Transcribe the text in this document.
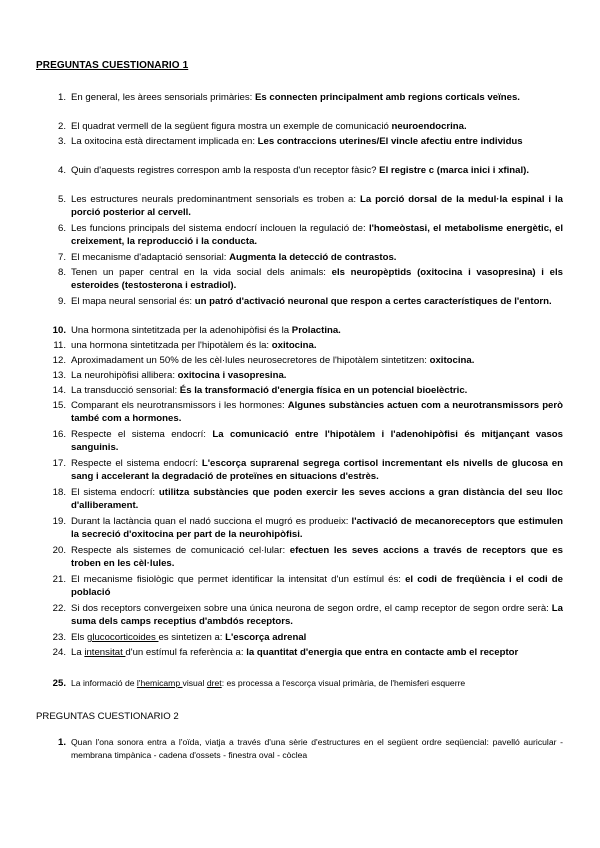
PREGUNTAS CUESTIONARIO 1
1. En general, les àrees sensorials primàries: Es connecten principalment amb regions corticals veïnes.
2. El quadrat vermell de la següent figura mostra un exemple de comunicació neuroendocrina.
3. La oxitocina està directament implicada en: Les contraccions uterines/El vincle afectiu entre individus
4. Quin d'aquests registres correspon amb la resposta d'un receptor fàsic? El registre c (marca inici i xfinal).
5. Les estructures neurals predominantment sensorials es troben a: La porció dorsal de la medul·la espinal i la porció posterior al cervell.
6. Les funcions principals del sistema endocrí inclouen la regulació de: l'homeòstasi, el metabolisme energètic, el creixement, la reproducció i la conducta.
7. El mecanisme d'adaptació sensorial: Augmenta la detecció de contrastos.
8. Tenen un paper central en la vida social dels animals: els neuropèptids (oxitocina i vasopresina) i els esteroides (testosterona i estradiol).
9. El mapa neural sensorial és: un patró d'activació neuronal que respon a certes característiques de l'entorn.
10. Una hormona sintetitzada per la adenohipòfisi és la Prolactina.
11. una hormona sintetitzada per l'hipotàlem és la: oxitocina.
12. Aproximadament un 50% de les cèl·lules neurosecretores de l'hipotàlem sintetitzen: oxitocina.
13. La neurohipòfisi allibera: oxitocina i vasopresina.
14. La transducció sensorial: És la transformació d'energia física en un potencial bioelèctric.
15. Comparant els neurotransmissors i les hormones: Algunes substàncies actuen com a neurotransmissors però també com a hormones.
16. Respecte el sistema endocrí: La comunicació entre l'hipotàlem i l'adenohipòfisi és mitjançant vasos sanguinis.
17. Respecte el sistema endocrí: L'escorça suprarenal segrega cortisol incrementant els nivells de glucosa en sang i accelerant la degradació de proteïnes en situacions d'estrès.
18. El sistema endocrí: utilitza substàncies que poden exercir les seves accions a gran distància del seu lloc d'alliberament.
19. Durant la lactància quan el nadó succiona el mugró es produeix: l'activació de mecanoreceptors que estimulen la secreció d'oxitocina per part de la neurohipòfisi.
20. Respecte als sistemes de comunicació cel·lular: efectuen les seves accions a través de receptors que es troben en les cèl·lules.
21. El mecanisme fisiològic que permet identificar la intensitat d'un estímul és: el codi de freqüència i el codi de població
22. Si dos receptors convergeixen sobre una única neurona de segon ordre, el camp receptor de segon ordre serà: La suma dels camps receptius d'ambdós receptors.
23. Els glucocorticoides es sintetizen a: L'escorça adrenal
24. La intensitat d'un estímul fa referència a: la quantitat d'energia que entra en contacte amb el receptor
25. La informació de l'hemicamp visual dret: es processa a l'escorça visual primària, de l'hemisferi esquerre
PREGUNTAS CUESTIONARIO 2
1. Quan l'ona sonora entra a l'oïda, viatja a través d'una sèrie d'estructures en el següent ordre seqüencial: pavelló auricular - membrana timpànica - cadena d'ossets - finestra oval - còclea
